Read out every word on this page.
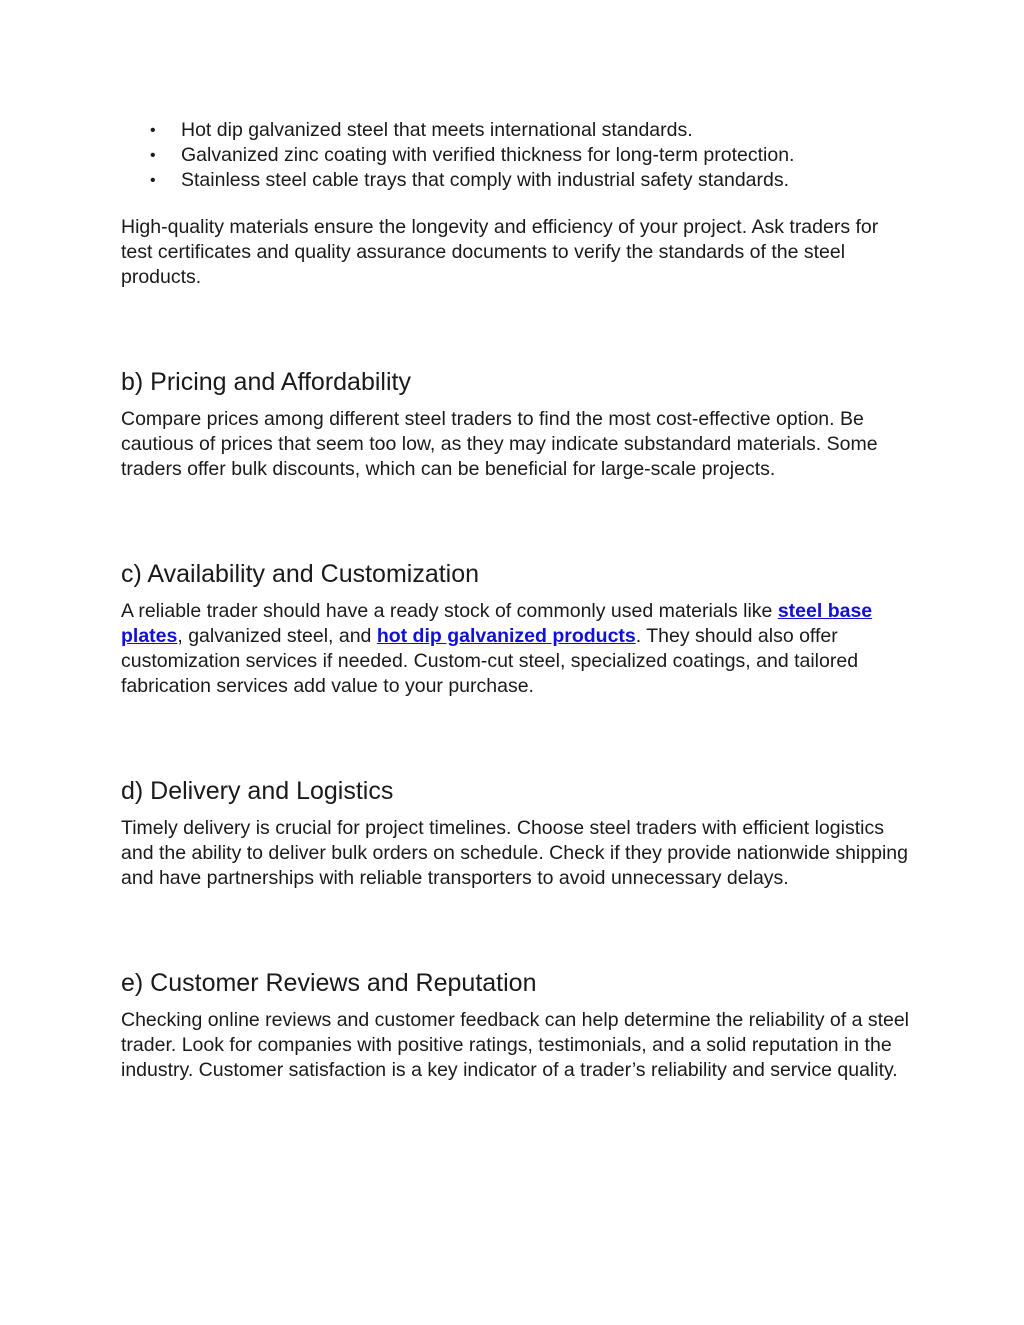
• Hot dip galvanized steel that meets international standards.
• Galvanized zinc coating with verified thickness for long-term protection.
• Stainless steel cable trays that comply with industrial safety standards.

High-quality materials ensure the longevity and efficiency of your project. Ask traders for test certificates and quality assurance documents to verify the standards of the steel products.

b) Pricing and Affordability

Compare prices among different steel traders to find the most cost-effective option. Be cautious of prices that seem too low, as they may indicate substandard materials. Some traders offer bulk discounts, which can be beneficial for large-scale projects.

c) Availability and Customization

A reliable trader should have a ready stock of commonly used materials like steel base plates, galvanized steel, and hot dip galvanized products. They should also offer customization services if needed. Custom-cut steel, specialized coatings, and tailored fabrication services add value to your purchase.

d) Delivery and Logistics

Timely delivery is crucial for project timelines. Choose steel traders with efficient logistics and the ability to deliver bulk orders on schedule. Check if they provide nationwide shipping and have partnerships with reliable transporters to avoid unnecessary delays.

e) Customer Reviews and Reputation

Checking online reviews and customer feedback can help determine the reliability of a steel trader. Look for companies with positive ratings, testimonials, and a solid reputation in the industry. Customer satisfaction is a key indicator of a trader’s reliability and service quality.
